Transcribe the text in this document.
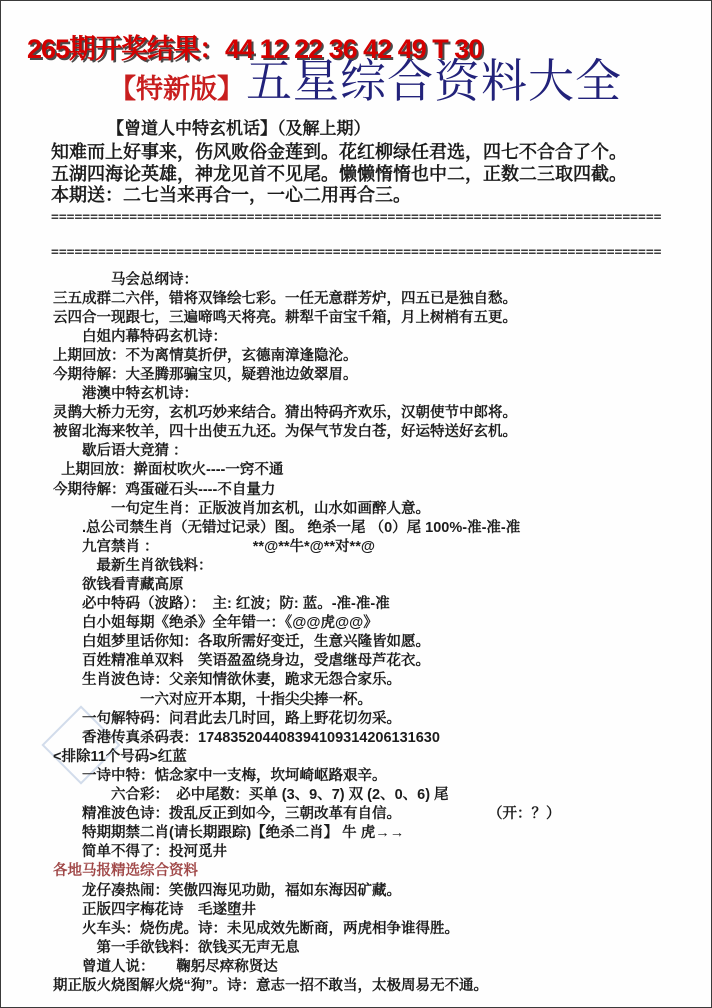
265期开奖结果：44 12 22 36 42 49 T 30
【特新版】 五星综合资料大全
【曾道人中特玄机话】（及解上期）
知难而上好事来，伤风败俗金莲到。花红柳绿任君选，四七不合合了个。
五湖四海论英雄，神龙见首不见尾。懒懒惰惰也中二，正数二三取四截。
本期送：二七当来再合一，一心二用再合三。
==============================================================================
==============================================================================
　　　　马会总纲诗：
三五成群二六伴，错将双锋绘七彩。一任无意群芳炉，四五已是独自愁。
云四合一现跟七，三遍啼鸣天将亮。耕犁千亩宝千箱，月上树梢有五更。
　　白姐内幕特码玄机诗：
上期回放：不为离情莫折伊，玄德南漳逢隐沦。
今期待解：大圣腾那骗宝贝，疑碧池边敛翠眉。
　　港澳中特玄机诗：
灵鹊大桥力无穷，玄机巧妙来结合。猜出特码齐欢乐，汉朝使节中郎将。
被留北海来牧羊，四十出使五九还。为保气节发白苍，好运特送好玄机。
　　歇后语大竞猜 ：
上期回放：擀面杖吹火----一窍不通
今期待解：鸡蛋碰石头----不自量力
　　　　一句定生肖：正版波肖加玄机，山水如画醉人意。
　　.总公司禁生肖（无错过记录）图。 绝杀一尾 （0）尾 100%-准-准-准
　　九宫禁肖 ：　　　　　　　**@**牛*@**对**@
　　　最新生肖欲钱料：
　　欲钱看青藏高原
　　必中特码（波路）：　主: 红波；防: 蓝。-准-准-准
　　白小姐每期《绝杀》全年错一：《@@虎@@》
　　白姐梦里话你知：各取所需好变迁，生意兴隆皆如愿。
　　百姓精准单双料　笑语盈盈绕身边，受虐继母芦花衣。
　　生肖波色诗：父亲知情欲休妻，跪求无怨合家乐。
　　　　　　一六对应开本期，十指尖尖捧一杯。
　　一句解特码：问君此去几时回，路上野花切勿采。
　　香港传真杀码表：174835204408394109314206131630
<排除11个号码>红蓝
　　一诗中特：惦念家中一支梅，坎坷崎岖路艰辛。
　　　　六合彩：　必中尾数：买单 (3、9、7) 双 (2、0、6) 尾
　　精准波色诗：拨乱反正到如今，三朝改革有自信。　　　　　　　（开：？）
　　特期期禁二肖(请长期跟踪)【绝杀二肖】 牛 虎→→
　　简单不得了：投河觅井
各地马报精选综合资料
　　龙仔凑热闹：笑傲四海见功勋，福如东海因矿藏。
　　正版四字梅花诗　毛遂堕井
　　火车头：烧伤虎。诗：未见成效先断商，两虎相争谁得胜。
　　　第一手欲钱料：欲钱买无声无息
　　曾道人说：　　鞠躬尽瘁称贤达
期正版火烧图解火烧“狗”。诗：意志一招不敢当，太极周易无不通。
